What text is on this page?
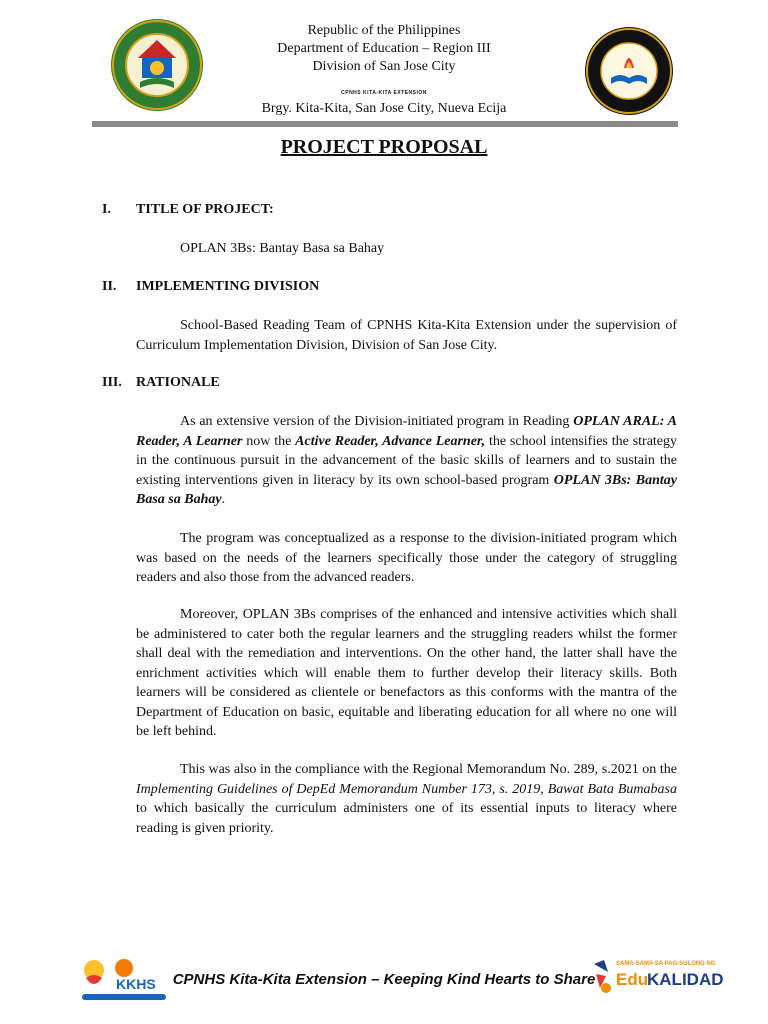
Republic of the Philippines
Department of Education – Region III
Division of San Jose City
CPNHS KITA-KITA EXTENSION
Brgy. Kita-Kita, San Jose City, Nueva Ecija
PROJECT PROPOSAL
I. TITLE OF PROJECT:
OPLAN 3Bs: Bantay Basa sa Bahay
II. IMPLEMENTING DIVISION
School-Based Reading Team of CPNHS Kita-Kita Extension under the supervision of Curriculum Implementation Division, Division of San Jose City.
III. RATIONALE
As an extensive version of the Division-initiated program in Reading OPLAN ARAL: A Reader, A Learner now the Active Reader, Advance Learner, the school intensifies the strategy in the continuous pursuit in the advancement of the basic skills of learners and to sustain the existing interventions given in literacy by its own school-based program OPLAN 3Bs: Bantay Basa sa Bahay.
The program was conceptualized as a response to the division-initiated program which was based on the needs of the learners specifically those under the category of struggling readers and also those from the advanced readers.
Moreover, OPLAN 3Bs comprises of the enhanced and intensive activities which shall be administered to cater both the regular learners and the struggling readers whilst the former shall deal with the remediation and interventions. On the other hand, the latter shall have the enrichment activities which will enable them to further develop their literacy skills. Both learners will be considered as clientele or benefactors as this conforms with the mantra of the Department of Education on basic, equitable and liberating education for all where no one will be left behind.
This was also in the compliance with the Regional Memorandum No. 289, s.2021 on the Implementing Guidelines of DepEd Memorandum Number 173, s. 2019, Bawat Bata Bumabasa to which basically the curriculum administers one of its essential inputs to literacy where reading is given priority.
KKHS	CPNHS Kita-Kita Extension – Keeping Kind Hearts to Share
SAMA-SAMA SA PAG-SULONG NG
Edu
KALIDAD
